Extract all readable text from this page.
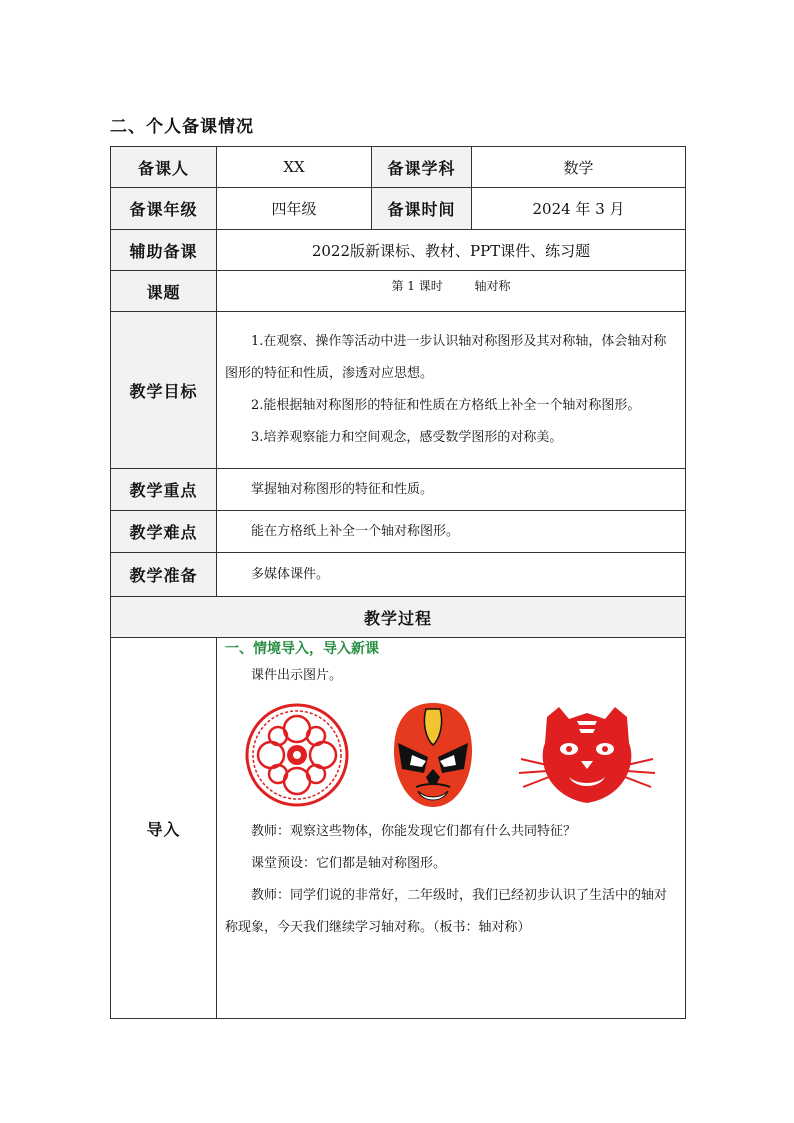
二、个人备课情况
备课人	XX	备课学科	数学
备课年级	四年级	备课时间	2024 年 3 月
辅助备课	2022版新课标、教材、PPT课件、练习题		
课题	第 1 课时 轴对称		
教学目标	1.在观察、操作等活动中进一步认识轴对称图形及其对称轴，体会轴对称图形的特征和性质，渗透对应思想。

2.能根据轴对称图形的特征和性质在方格纸上补全一个轴对称图形。

3.培养观察能力和空间观念，感受数学图形的对称美。		

教学重点	掌握轴对称图形的特征和性质。		

教学难点	能在方格纸上补全一个轴对称图形。		

教学准备	多媒体课件。		

教学过程			
导入	一、情境导入，导入新课

课件出示图片。

教师：观察这些物体，你能发现它们都有什么共同特征？

课堂预设：它们都是轴对称图形。

教师：同学们说的非常好，二年级时，我们已经初步认识了生活中的轴对称现象，今天我们继续学习轴对称。（板书：轴对称）		
